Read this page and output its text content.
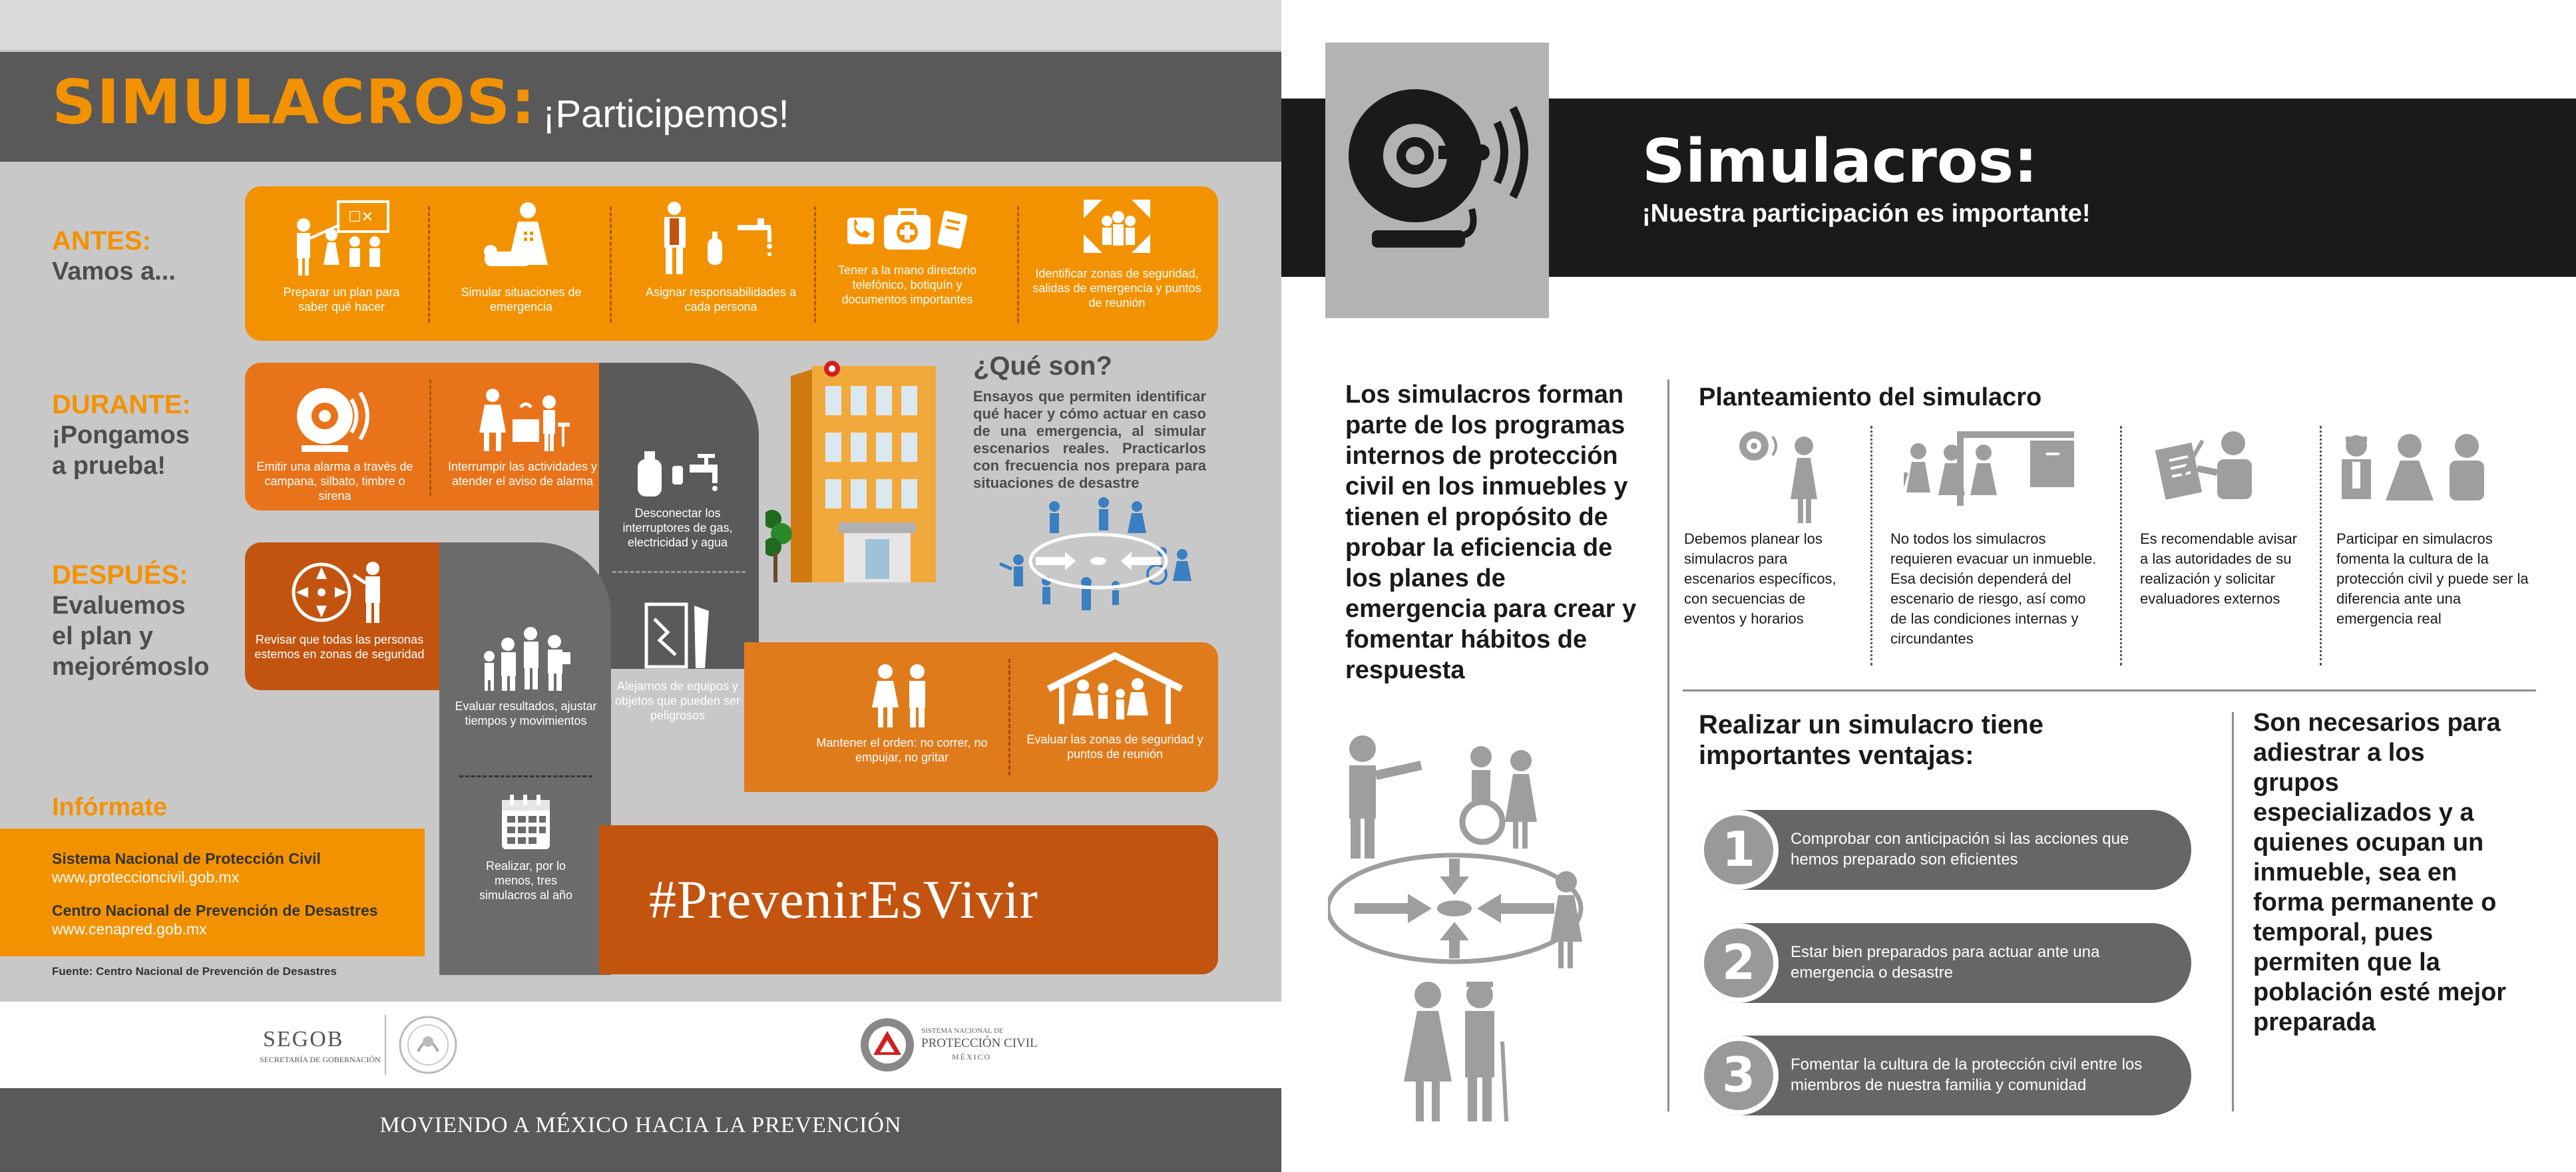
SIMULACROS: ¡Participemos!
ANTES:
Vamos a...
☐✕
Preparar un plan para saber qué hacer
Simular situaciones de emergencia
Asignar responsabilidades a cada persona
Tener a la mano directorio telefónico, botiquín y documentos importantes
Identificar zonas de seguridad, salidas de emergencia y puntos de reunión
DURANTE:
¡Pongamos
a prueba!	Emitir una alarma a través de campana, silbato, timbre o sirena
Interrumpir las actividades y atender el aviso de alarma
Desconectar los interruptores de gas, electricidad y agua
Alejarnos de equipos y objetos que pueden ser peligrosos
Mantener el orden: no correr, no empujar, no gritar
Evaluar las zonas de seguridad y puntos de reunión
DESPUÉS:
Evaluemos
el plan y
mejorémoslo
Revisar que todas las personas estemos en zonas de seguridad
Evaluar resultados, ajustar tiempos y movimientos
Realizar, por lo menos, tres simulacros al año
¿Qué son?
Ensayos que permiten identificar qué hacer y cómo actuar en caso de una emergencia, al simular escenarios reales. Practicarlos con frecuencia nos prepara para situaciones de desastre
#PrevenirEsVivir
Infórmate
Sistema Nacional de Protección Civil
www.proteccioncivil.gob.mx
Centro Nacional de Prevención de Desastres
www.cenapred.gob.mx
Fuente: Centro Nacional de Prevención de Desastres
SEGOB
SECRETARÍA DE GOBERNACIÓN
SISTEMA NACIONAL DE
PROTECCIÓN CIVIL
MÉXICO
MOVIENDO A MÉXICO HACIA LA PREVENCIÓN
Simulacros:
¡Nuestra participación es importante!
Los simulacros forman parte de los programas internos de protección civil en los inmuebles y tienen el propósito de probar la eficiencia de los planes de emergencia para crear y fomentar hábitos de respuesta
Planteamiento del simulacro
Debemos planear los simulacros para escenarios específicos, con secuencias de eventos y horarios
No todos los simulacros requieren evacuar un inmueble. Esa decisión dependerá del escenario de riesgo, así como de las condiciones internas y circundantes
Es recomendable avisar a las autoridades de su realización y solicitar evaluadores externos
Participar en simulacros fomenta la cultura de la protección civil y puede ser la diferencia ante una emergencia real
Realizar un simulacro tiene
importantes ventajas:
1	Comprobar con anticipación si las acciones que hemos preparado son eficientes
2	Estar bien preparados para actuar ante una emergencia o desastre
3	Fomentar la cultura de la protección civil entre los miembros de nuestra familia y comunidad
Son necesarios para adiestrar a los grupos especializados y a quienes ocupan un inmueble, sea en forma permanente o temporal, pues permiten que la población esté mejor preparada
